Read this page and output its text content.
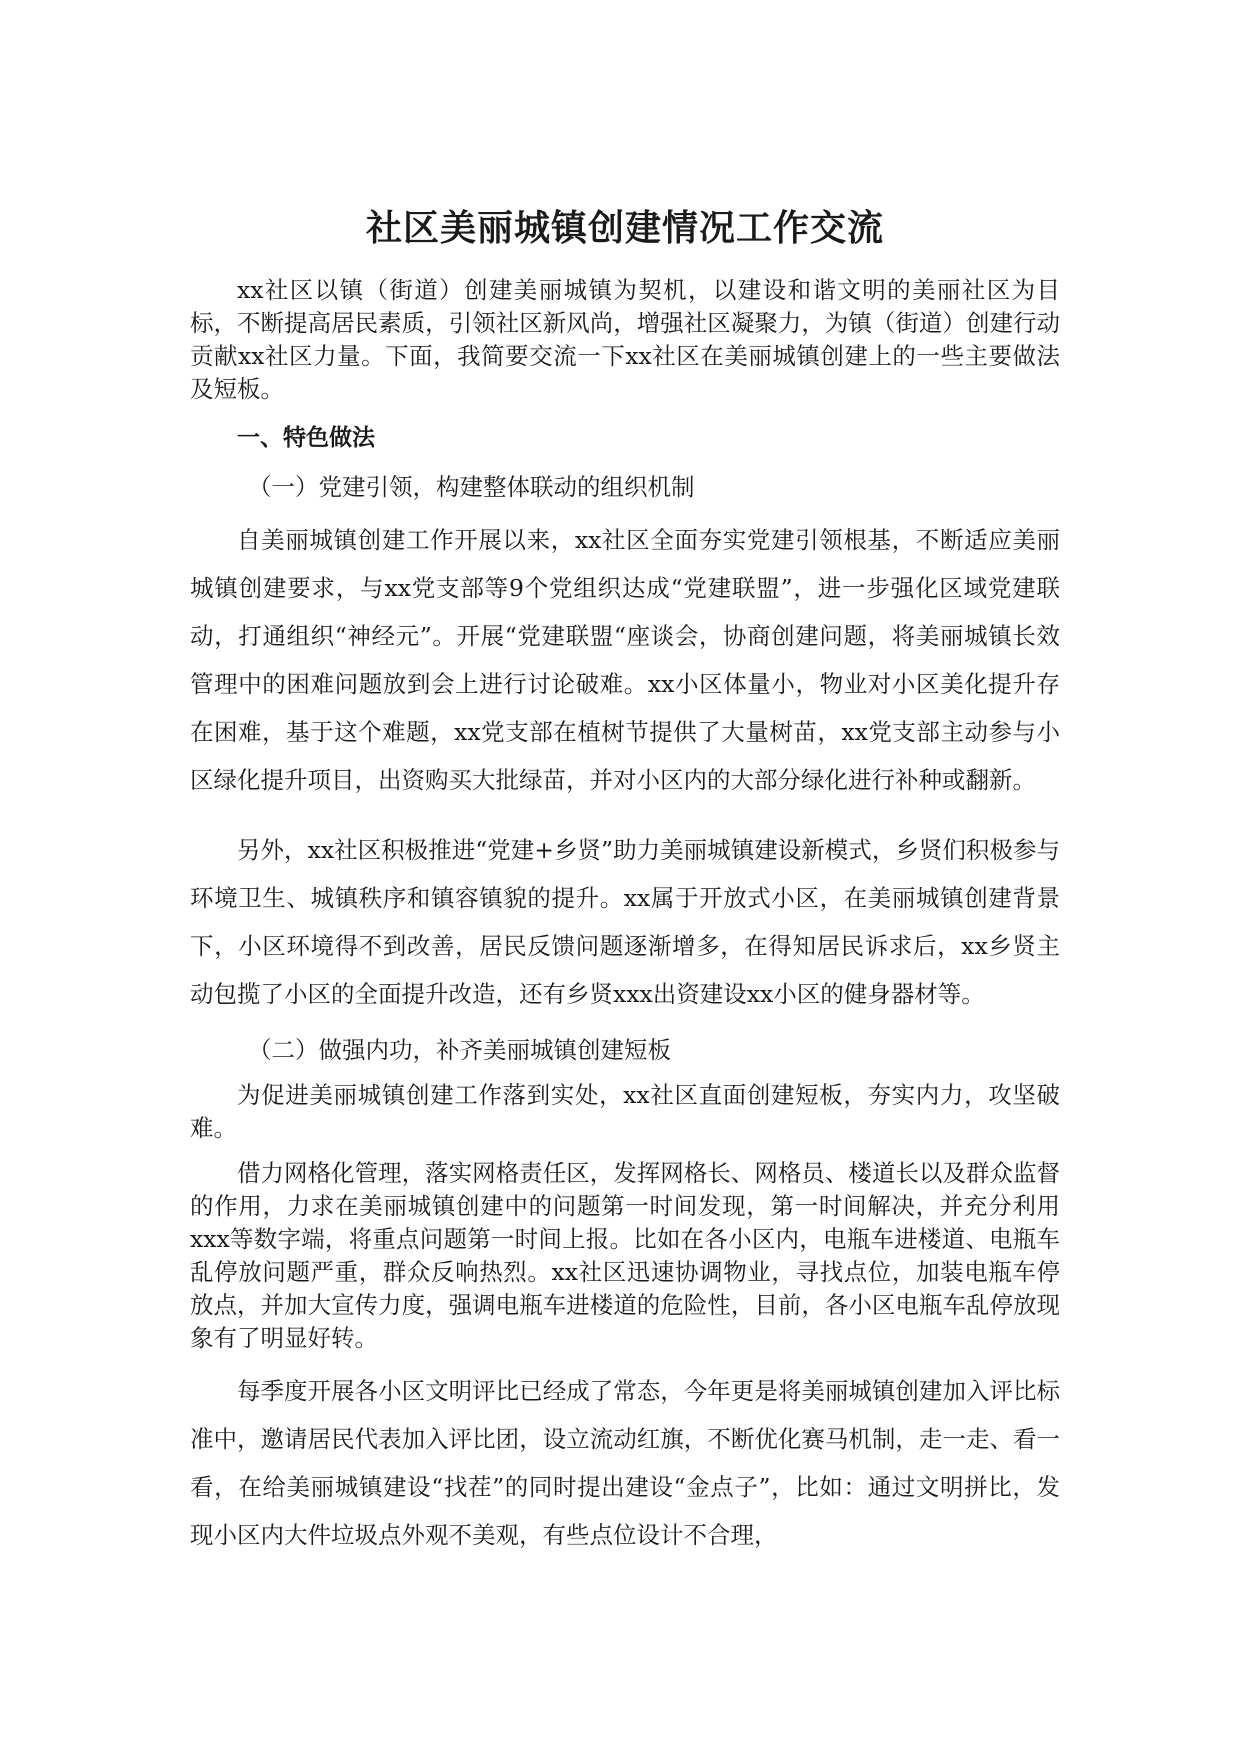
社区美丽城镇创建情况工作交流

xx社区以镇（街道）创建美丽城镇为契机，以建设和谐文明的美丽社区为目标，不断提高居民素质，引领社区新风尚，增强社区凝聚力，为镇（街道）创建行动贡献xx社区力量。下面，我简要交流一下xx社区在美丽城镇创建上的一些主要做法及短板。

一、特色做法

（一）党建引领，构建整体联动的组织机制

自美丽城镇创建工作开展以来，xx社区全面夯实党建引领根基，不断适应美丽城镇创建要求，与xx党支部等9个党组织达成“党建联盟”，进一步强化区域党建联动，打通组织“神经元”。开展“党建联盟“座谈会，协商创建问题，将美丽城镇长效管理中的困难问题放到会上进行讨论破难。xx小区体量小，物业对小区美化提升存在困难，基于这个难题，xx党支部在植树节提供了大量树苗，xx党支部主动参与小区绿化提升项目，出资购买大批绿苗，并对小区内的大部分绿化进行补种或翻新。

另外，xx社区积极推进“党建+乡贤”助力美丽城镇建设新模式，乡贤们积极参与环境卫生、城镇秩序和镇容镇貌的提升。xx属于开放式小区，在美丽城镇创建背景下，小区环境得不到改善，居民反馈问题逐渐增多，在得知居民诉求后，xx乡贤主动包揽了小区的全面提升改造，还有乡贤xxx出资建设xx小区的健身器材等。

（二）做强内功，补齐美丽城镇创建短板

为促进美丽城镇创建工作落到实处，xx社区直面创建短板，夯实内力，攻坚破难。

借力网格化管理，落实网格责任区，发挥网格长、网格员、楼道长以及群众监督的作用，力求在美丽城镇创建中的问题第一时间发现，第一时间解决，并充分利用xxx等数字端，将重点问题第一时间上报。比如在各小区内，电瓶车进楼道、电瓶车乱停放问题严重，群众反响热烈。xx社区迅速协调物业，寻找点位，加装电瓶车停放点，并加大宣传力度，强调电瓶车进楼道的危险性，目前，各小区电瓶车乱停放现象有了明显好转。

每季度开展各小区文明评比已经成了常态，今年更是将美丽城镇创建加入评比标准中，邀请居民代表加入评比团，设立流动红旗，不断优化赛马机制，走一走、看一看，在给美丽城镇建设“找茬”的同时提出建设“金点子”，比如：通过文明拼比，发现小区内大件垃圾点外观不美观，有些点位设计不合理，
